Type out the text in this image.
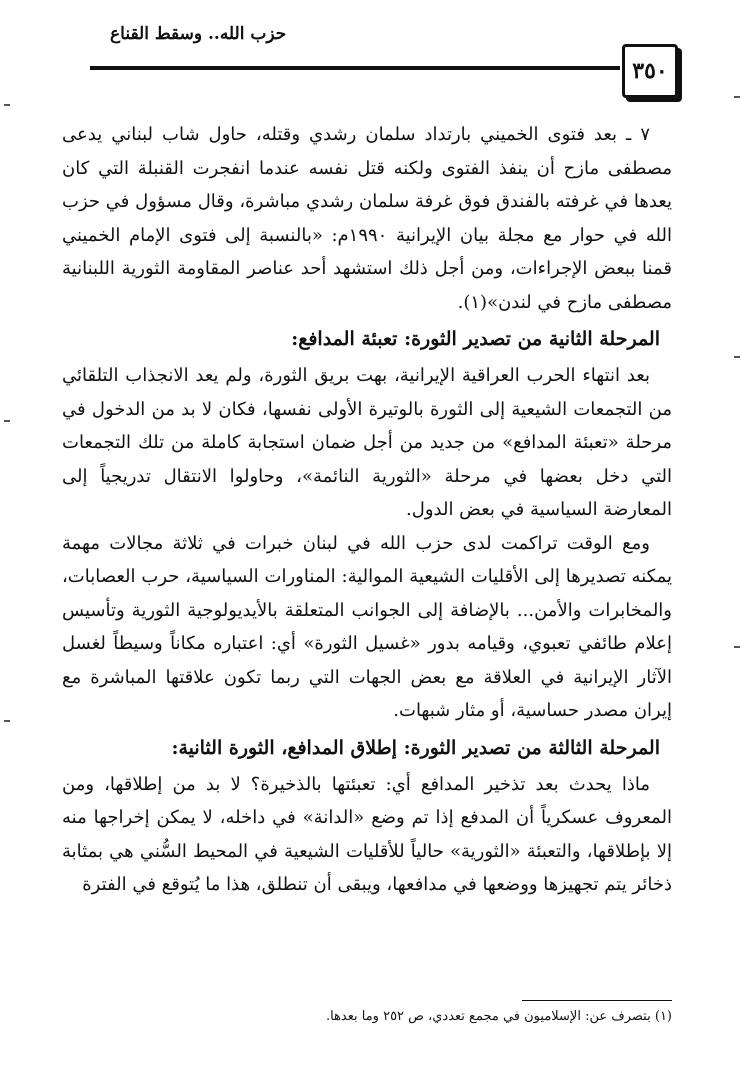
حزب الله.. وسقط القناع
٣٥٠

٧ ـ بعد فتوى الخميني بارتداد سلمان رشدي وقتله، حاول شاب لبناني يدعى مصطفى مازح أن ينفذ الفتوى ولكنه قتل نفسه عندما انفجرت القنبلة التي كان يعدها في غرفته بالفندق فوق غرفة سلمان رشدي مباشرة، وقال مسؤول في حزب الله في حوار مع مجلة بيان الإيرانية ١٩٩٠م: «بالنسبة إلى فتوى الإمام الخميني قمنا ببعض الإجراءات، ومن أجل ذلك استشهد أحد عناصر المقاومة الثورية اللبنانية مصطفى مازح في لندن»(١).

المرحلة الثانية من تصدير الثورة: تعبئة المدافع:

بعد انتهاء الحرب العراقية الإيرانية، بهت بريق الثورة، ولم يعد الانجذاب التلقائي من التجمعات الشيعية إلى الثورة بالوتيرة الأولى نفسها، فكان لا بد من الدخول في مرحلة «تعبئة المدافع» من جديد من أجل ضمان استجابة كاملة من تلك التجمعات التي دخل بعضها في مرحلة «الثورية النائمة»، وحاولوا الانتقال تدريجياً إلى المعارضة السياسية في بعض الدول.

ومع الوقت تراكمت لدى حزب الله في لبنان خبرات في ثلاثة مجالات مهمة يمكنه تصديرها إلى الأقليات الشيعية الموالية: المناورات السياسية، حرب العصابات، والمخابرات والأمن... بالإضافة إلى الجوانب المتعلقة بالأيديولوجية الثورية وتأسيس إعلام طائفي تعبوي، وقيامه بدور «غسيل الثورة» أي: اعتباره مكاناً وسيطاً لغسل الآثار الإيرانية في العلاقة مع بعض الجهات التي ربما تكون علاقتها المباشرة مع إيران مصدر حساسية، أو مثار شبهات.

المرحلة الثالثة من تصدير الثورة: إطلاق المدافع، الثورة الثانية:

ماذا يحدث بعد تذخير المدافع أي: تعبئتها بالذخيرة؟ لا بد من إطلاقها، ومن المعروف عسكرياً أن المدفع إذا تم وضع «الدانة» في داخله، لا يمكن إخراجها منه إلا بإطلاقها، والتعبئة «الثورية» حالياً للأقليات الشيعية في المحيط السُّني هي بمثابة ذخائر يتم تجهيزها ووضعها في مدافعها، ويبقى أن تنطلق، هذا ما يُتوقع في الفترة

(١) بتصرف عن: الإسلاميون في مجمع تعددي، ص ٢٥٢ وما بعدها.
